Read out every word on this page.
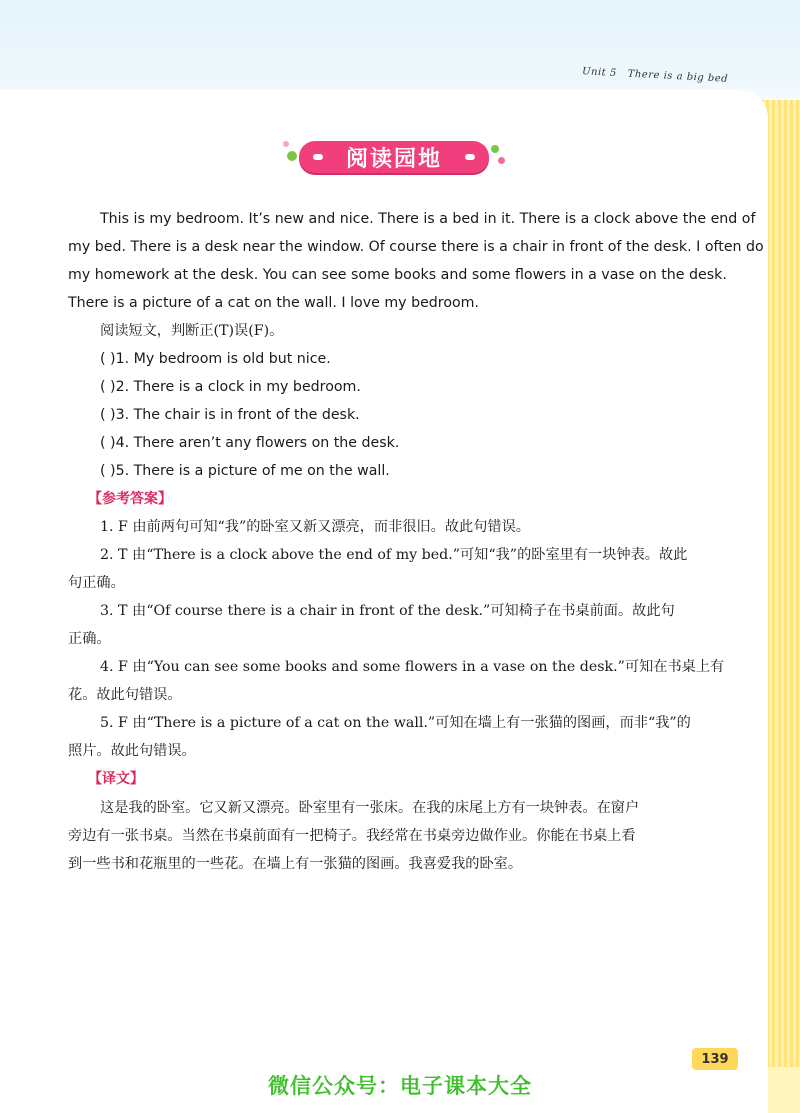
Unit 5 There is a big bed
阅读园地
This is my bedroom. It’s new and nice. There is a bed in it. There is a clock above the end of
my bed. There is a desk near the window. Of course there is a chair in front of the desk. I often do
my homework at the desk. You can see some books and some flowers in a vase on the desk.
There is a picture of a cat on the wall. I love my bedroom.
阅读短文，判断正(T)误(F)。
( )1. My bedroom is old but nice.
( )2. There is a clock in my bedroom.
( )3. The chair is in front of the desk.
( )4. There aren’t any flowers on the desk.
( )5. There is a picture of me on the wall.
【参考答案】
1. F 由前两句可知“我”的卧室又新又漂亮，而非很旧。故此句错误。
2. T 由“There is a clock above the end of my bed.”可知“我”的卧室里有一块钟表。故此
句正确。
3. T 由“Of course there is a chair in front of the desk.”可知椅子在书桌前面。故此句
正确。
4. F 由“You can see some books and some flowers in a vase on the desk.”可知在书桌上有
花。故此句错误。
5. F 由“There is a picture of a cat on the wall.”可知在墙上有一张猫的图画，而非“我”的
照片。故此句错误。
【译文】
这是我的卧室。它又新又漂亮。卧室里有一张床。在我的床尾上方有一块钟表。在窗户
旁边有一张书桌。当然在书桌前面有一把椅子。我经常在书桌旁边做作业。你能在书桌上看
到一些书和花瓶里的一些花。在墙上有一张猫的图画。我喜爱我的卧室。
139
微信公众号：电子课本大全
